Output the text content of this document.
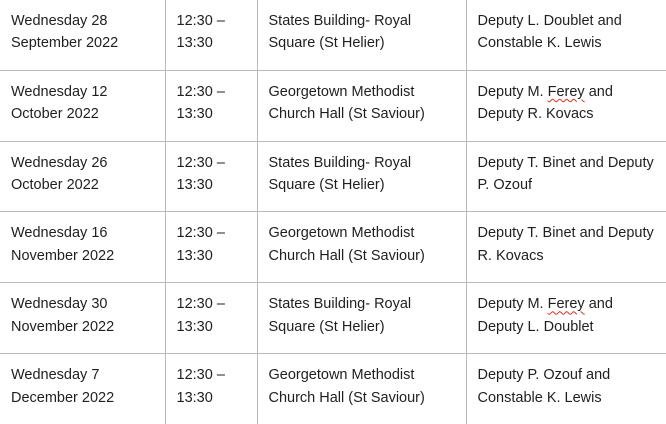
Wednesday 28 September 2022	12:30 – 13:30	States Building- Royal Square (St Helier)	Deputy L. Doublet and Constable K. Lewis

Wednesday 12 October 2022	12:30 – 13:30	Georgetown Methodist Church Hall (St Saviour)	Deputy M. Ferey and Deputy R. Kovacs

Wednesday 26 October 2022	12:30 – 13:30	States Building- Royal Square (St Helier)	Deputy T. Binet and Deputy P. Ozouf

Wednesday 16 November 2022	12:30 – 13:30	Georgetown Methodist Church Hall (St Saviour)	Deputy T. Binet and Deputy R. Kovacs

Wednesday 30 November 2022	12:30 – 13:30	States Building- Royal Square (St Helier)	Deputy M. Ferey and Deputy L. Doublet

Wednesday 7 December 2022	12:30 – 13:30	Georgetown Methodist Church Hall (St Saviour)	Deputy P. Ozouf and Constable K. Lewis
